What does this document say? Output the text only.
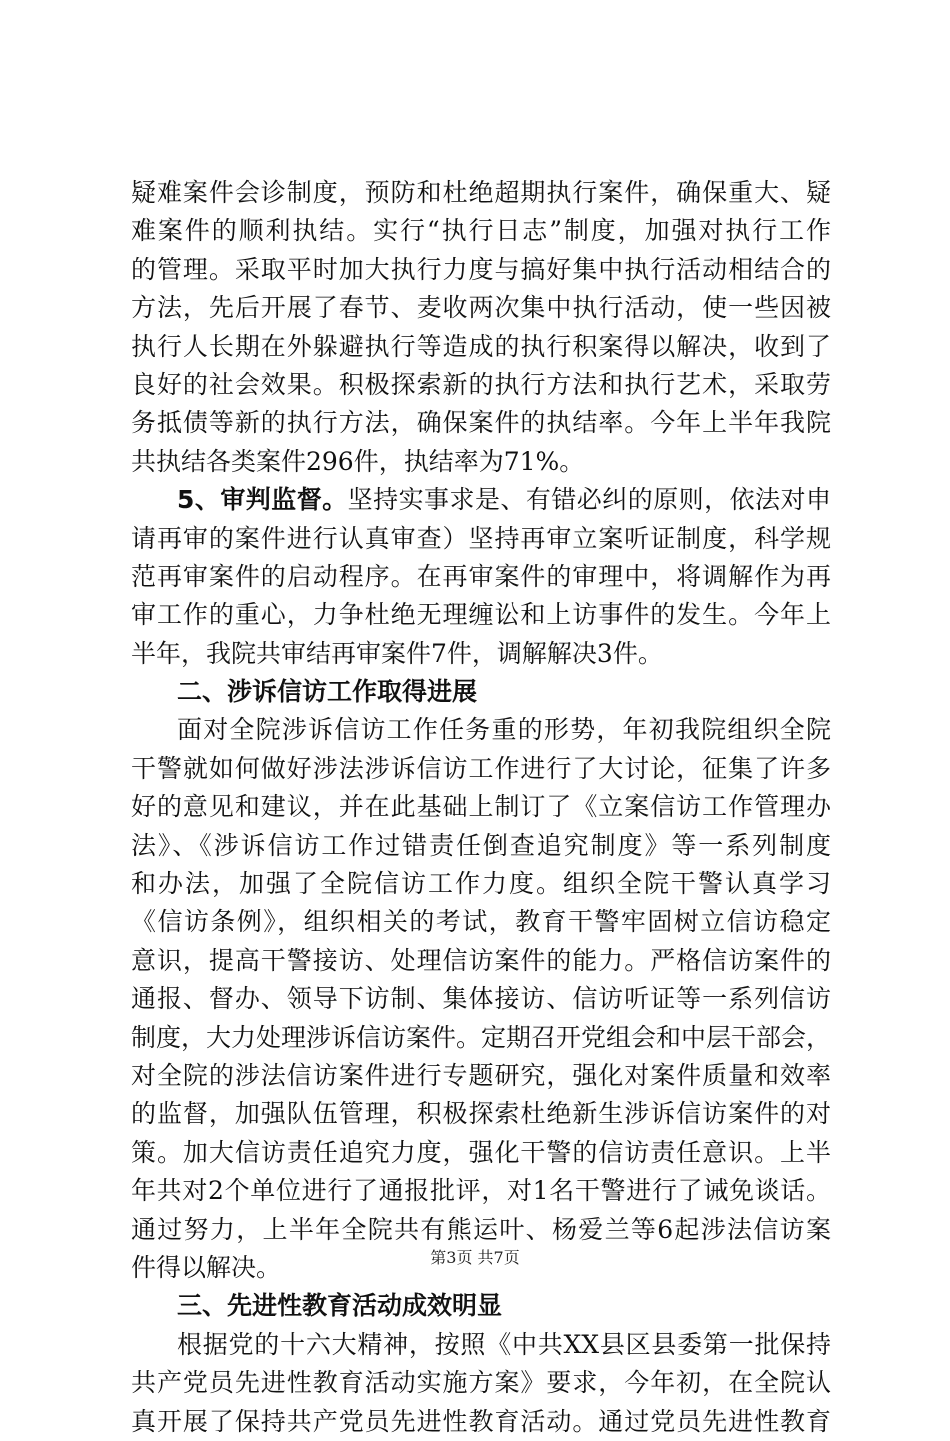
疑难案件会诊制度，预防和杜绝超期执行案件，确保重大、疑
难案件的顺利执结。实行“执行日志”制度，加强对执行工作
的管理。采取平时加大执行力度与搞好集中执行活动相结合的
方法，先后开展了春节、麦收两次集中执行活动，使一些因被
执行人长期在外躲避执行等造成的执行积案得以解决，收到了
良好的社会效果。积极探索新的执行方法和执行艺术，采取劳
务抵债等新的执行方法，确保案件的执结率。今年上半年我院
共执结各类案件296件，执结率为71%。
5、审判监督。坚持实事求是、有错必纠的原则，依法对申
请再审的案件进行认真审查）坚持再审立案听证制度，科学规
范再审案件的启动程序。在再审案件的审理中，将调解作为再
审工作的重心，力争杜绝无理缠讼和上访事件的发生。今年上
半年，我院共审结再审案件7件，调解解决3件。
二、涉诉信访工作取得进展
面对全院涉诉信访工作任务重的形势，年初我院组织全院
干警就如何做好涉法涉诉信访工作进行了大讨论，征集了许多
好的意见和建议，并在此基础上制订了《立案信访工作管理办
法》、《涉诉信访工作过错责任倒查追究制度》等一系列制度
和办法，加强了全院信访工作力度。组织全院干警认真学习
《信访条例》，组织相关的考试，教育干警牢固树立信访稳定
意识，提高干警接访、处理信访案件的能力。严格信访案件的
通报、督办、领导下访制、集体接访、信访听证等一系列信访
制度，大力处理涉诉信访案件。定期召开党组会和中层干部会，
对全院的涉法信访案件进行专题研究，强化对案件质量和效率
的监督，加强队伍管理，积极探索杜绝新生涉诉信访案件的对
策。加大信访责任追究力度，强化干警的信访责任意识。上半
年共对2个单位进行了通报批评，对1名干警进行了诫免谈话。
通过努力，上半年全院共有熊运叶、杨爱兰等6起涉法信访案
件得以解决。
三、先进性教育活动成效明显
根据党的十六大精神，按照《中共XX县区县委第一批保持
共产党员先进性教育活动实施方案》要求，今年初，在全院认
真开展了保持共产党员先进性教育活动。通过党员先进性教育
第3页 共7页
